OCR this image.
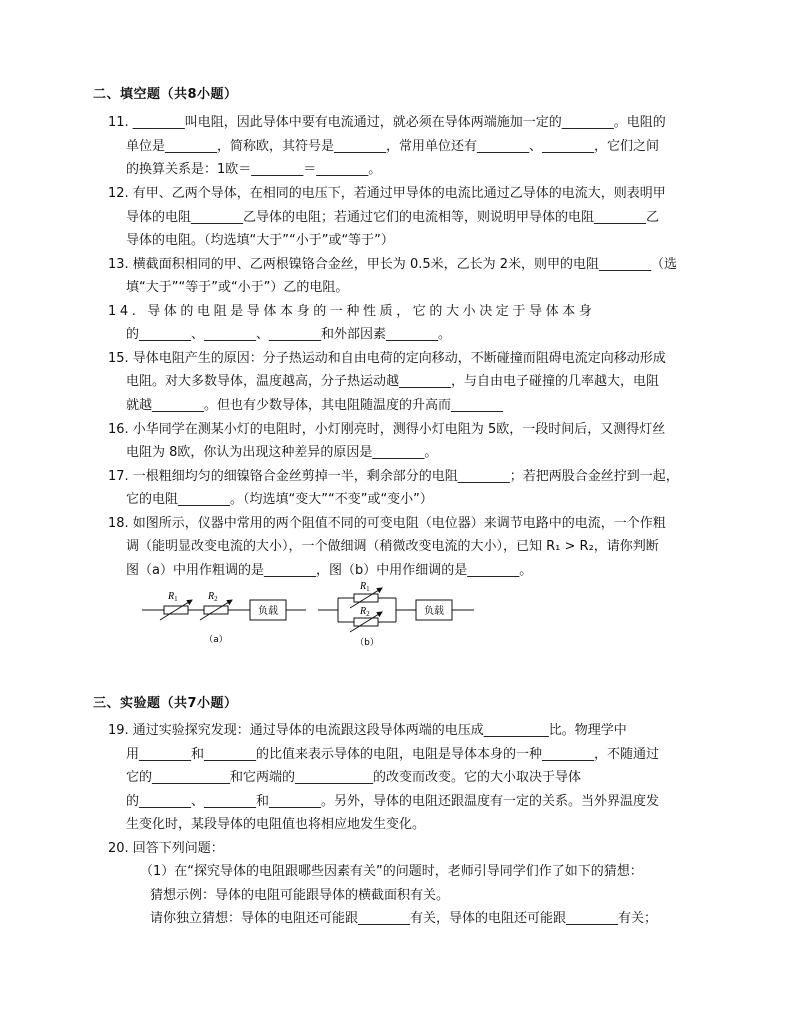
二、填空题（共8小题）
11. ________叫电阻，因此导体中要有电流通过，就必须在导体两端施加一定的________。电阻的
单位是________，简称欧，其符号是________，常用单位还有________、________，它们之间
的换算关系是：1欧＝________＝________。
12. 有甲、乙两个导体，在相同的电压下，若通过甲导体的电流比通过乙导体的电流大，则表明甲
导体的电阻________乙导体的电阻；若通过它们的电流相等，则说明甲导体的电阻________乙
导体的电阻。（均选填“大于”“小于”或“等于”）
13. 横截面积相同的甲、乙两根镍铬合金丝，甲长为 0.5米，乙长为 2米，则甲的电阻________（选
填“大于”“等于”或“小于”）乙的电阻。
14. 导体的电阻是导体本身的一种性质，它的大小决定于导体本身
的________、________、________和外部因素________。
15. 导体电阻产生的原因：分子热运动和自由电荷的定向移动，不断碰撞而阻碍电流定向移动形成
电阻。对大多数导体，温度越高，分子热运动越________，与自由电子碰撞的几率越大，电阻
就越________。但也有少数导体，其电阻随温度的升高而________
16. 小华同学在测某小灯的电阻时，小灯刚亮时，测得小灯电阻为 5欧，一段时间后，又测得灯丝
电阻为 8欧，你认为出现这种差异的原因是________。
17. 一根粗细均匀的细镍铬合金丝剪掉一半，剩余部分的电阻________；若把两股合金丝拧到一起，
它的电阻________。（均选填“变大”“不变”或“变小”）
18. 如图所示，仪器中常用的两个阻值不同的可变电阻（电位器）来调节电路中的电流，一个作粗
调（能明显改变电流的大小），一个做细调（稍微改变电流的大小），已知 R₁ > R₂，请你判断
图（a）中用作粗调的是________，图（b）中用作细调的是________。
$R_1$	$R_2$
负载
（a）
$R_1$
$R_2$	负载
（b）
三、实验题（共7小题）
19. 通过实验探究发现：通过导体的电流跟这段导体两端的电压成__________比。物理学中
用________和________的比值来表示导体的电阻，电阻是导体本身的一种________，不随通过
它的____________和它两端的____________的改变而改变。它的大小取决于导体
的________、________和________。另外，导体的电阻还跟温度有一定的关系。当外界温度发
生变化时，某段导体的电阻值也将相应地发生变化。
20. 回答下列问题：
（1）在“探究导体的电阻跟哪些因素有关”的问题时，老师引导同学们作了如下的猜想：
猜想示例：导体的电阻可能跟导体的横截面积有关。
请你独立猜想：导体的电阻还可能跟________有关，导体的电阻还可能跟________有关；
